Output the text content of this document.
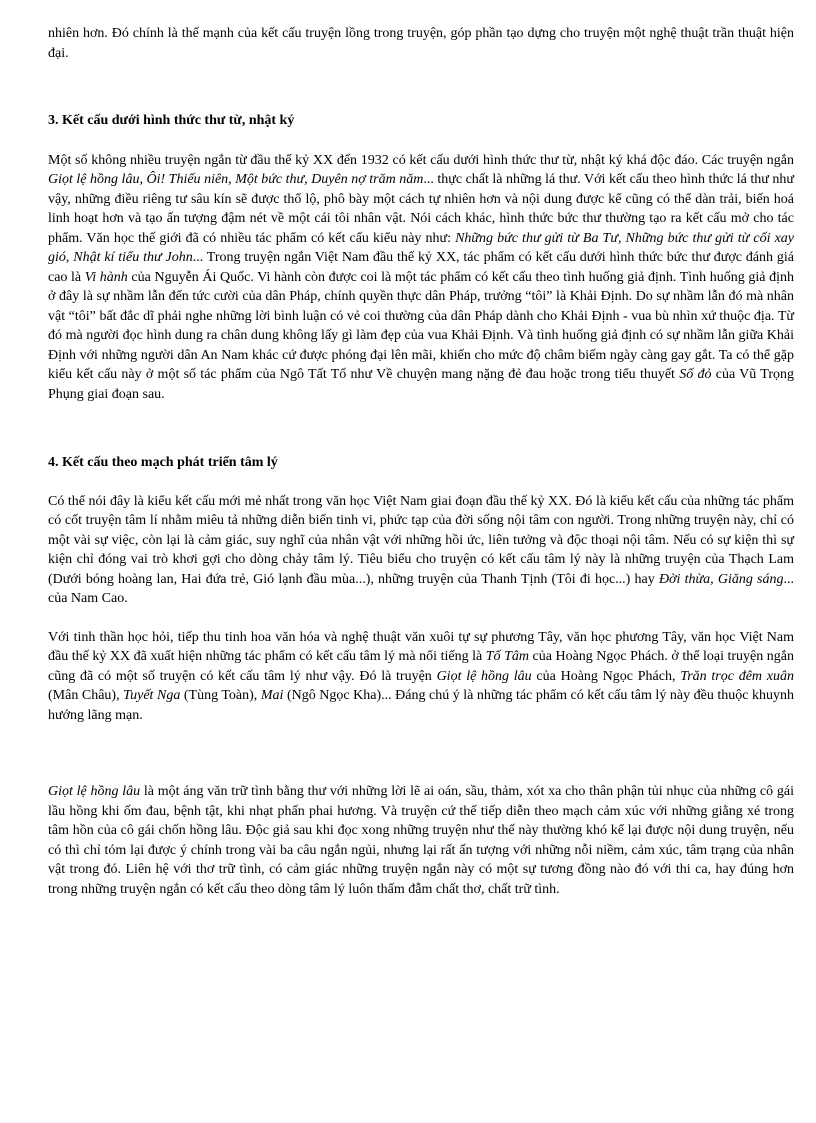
nhiên hơn. Đó chính là thế mạnh của kết cấu truyện lồng trong truyện, góp phần tạo dựng cho truyện một nghệ thuật trần thuật hiện đại.

3. Kết cấu dưới hình thức thư từ, nhật ký

Một số không nhiều truyện ngắn từ đầu thế kỷ XX đến 1932 có kết cấu dưới hình thức thư từ, nhật ký khá độc đáo. Các truyện ngắn Giọt lệ hồng lâu, Ôi! Thiếu niên, Một bức thư, Duyên nợ trăm năm... thực chất là những lá thư. Với kết cấu theo hình thức lá thư như vậy, những điều riêng tư sâu kín sẽ được thổ lộ, phô bày một cách tự nhiên hơn và nội dung được kể cũng có thể dàn trải, biến hoá linh hoạt hơn và tạo ấn tượng đậm nét về một cái tôi nhân vật. Nói cách khác, hình thức bức thư thường tạo ra kết cấu mở cho tác phẩm. Văn học thế giới đã có nhiều tác phẩm có kết cấu kiểu này như: Những bức thư gửi từ Ba Tư, Những bức thư gửi từ cối xay gió, Nhật kí tiểu thư John... Trong truyện ngắn Việt Nam đầu thế kỷ XX, tác phẩm có kết cấu dưới hình thức bức thư được đánh giá cao là Vi hành của Nguyễn Ái Quốc. Vi hành còn được coi là một tác phẩm có kết cấu theo tình huống giả định. Tình huống giả định ở đây là sự nhầm lẫn đến tức cười của dân Pháp, chính quyền thực dân Pháp, trưởng “tôi” là Khải Định. Do sự nhầm lẫn đó mà nhân vật “tôi” bất đắc dĩ phải nghe những lời bình luận có vẻ coi thường của dân Pháp dành cho Khải Định - vua bù nhìn xứ thuộc địa. Từ đó mà người đọc hình dung ra chân dung không lấy gì làm đẹp của vua Khải Định. Và tình huống giả định có sự nhầm lẫn giữa Khải Định với những người dân An Nam khác cứ được phóng đại lên mãi, khiến cho mức độ châm biếm ngày càng gay gắt. Ta có thể gặp kiểu kết cấu này ở một số tác phẩm của Ngô Tất Tố như Về chuyện mang nặng đẻ đau hoặc trong tiểu thuyết Số đỏ của Vũ Trọng Phụng giai đoạn sau.

4. Kết cấu theo mạch phát triển tâm lý

Có thể nói đây là kiểu kết cấu mới mẻ nhất trong văn học Việt Nam giai đoạn đầu thế kỷ XX. Đó là kiểu kết cấu của những tác phẩm có cốt truyện tâm lí nhằm miêu tả những diễn biến tinh vi, phức tạp của đời sống nội tâm con người. Trong những truyện này, chỉ có một vài sự việc, còn lại là cảm giác, suy nghĩ của nhân vật với những hồi ức, liên tưởng và độc thoại nội tâm. Nếu có sự kiện thì sự kiện chỉ đóng vai trò khơi gợi cho dòng chảy tâm lý. Tiêu biểu cho truyện có kết cấu tâm lý này là những truyện của Thạch Lam (Dưới bóng hoàng lan, Hai đứa trẻ, Gió lạnh đầu mùa...), những truyện của Thanh Tịnh (Tôi đi học...) hay Đời thừa, Giăng sáng... của Nam Cao.

Với tinh thần học hỏi, tiếp thu tinh hoa văn hóa và nghệ thuật văn xuôi tự sự phương Tây, văn học phương Tây, văn học Việt Nam đầu thế kỷ XX đã xuất hiện những tác phẩm có kết cấu tâm lý mà nổi tiếng là Tố Tâm của Hoàng Ngọc Phách. ở thể loại truyện ngắn cũng đã có một số truyện có kết cấu tâm lý như vậy. Đó là truyện Giọt lệ hồng lâu của Hoàng Ngọc Phách, Trăn trọc đêm xuân (Mân Châu), Tuyết Nga (Tùng Toàn), Mai (Ngô Ngọc Kha)... Đáng chú ý là những tác phẩm có kết cấu tâm lý này đều thuộc khuynh hướng lãng mạn.

Giọt lệ hồng lâu là một áng văn trữ tình bằng thư với những lời lẽ ai oán, sầu, thảm, xót xa cho thân phận tủi nhục của những cô gái lầu hồng khi ốm đau, bệnh tật, khi nhạt phấn phai hương. Và truyện cứ thế tiếp diễn theo mạch cảm xúc với những giằng xé trong tâm hồn của cô gái chốn hồng lâu. Độc giả sau khi đọc xong những truyện như thế này thường khó kể lại được nội dung truyện, nếu có thì chỉ tóm lại được ý chính trong vài ba câu ngắn ngủi, nhưng lại rất ấn tượng với những nỗi niềm, cảm xúc, tâm trạng của nhân vật trong đó. Liên hệ với thơ trữ tình, có cảm giác những truyện ngắn này có một sự tương đồng nào đó với thi ca, hay đúng hơn trong những truyện ngắn có kết cấu theo dòng tâm lý luôn thấm đẫm chất thơ, chất trữ tình.
